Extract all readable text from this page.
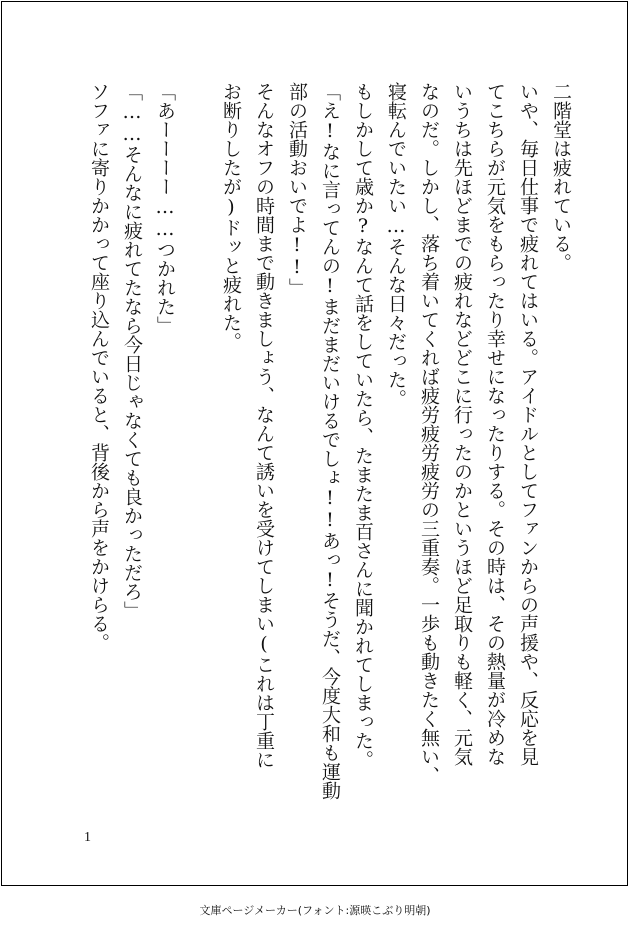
二階堂は疲れている。
いや、毎日仕事で疲れてはいる。アイドルとしてファンからの声援や、反応を見
てこちらが元気をもらったり幸せになったりする。その時は、その熱量が冷めな
いうちは先ほどまでの疲れなどどこに行ったのかというほど足取りも軽く、元気
なのだ。しかし、落ち着いてくれば疲労疲労疲労の三重奏。一歩も動きたく無い、
寝転んでいたい…そんな日々だった。
もしかして歳か?なんて話をしていたら、たまたま百さんに聞かれてしまった。
「え!なに言ってんの!まだまだいけるでしょ!!あっ!そうだ、今度大和も運動
部の活動おいでよ!!」
そんなオフの時間まで動きましょう、なんて誘いを受けてしまい(これは丁重に
お断りしたが)ドッと疲れた。
「あーーーー……つかれた」
「……そんなに疲れてたなら今日じゃなくても良かっただろ」
ソファに寄りかかって座り込んでいると、背後から声をかけらる。
1
文庫ページメーカー(フォント:源暎こぶり明朝)
